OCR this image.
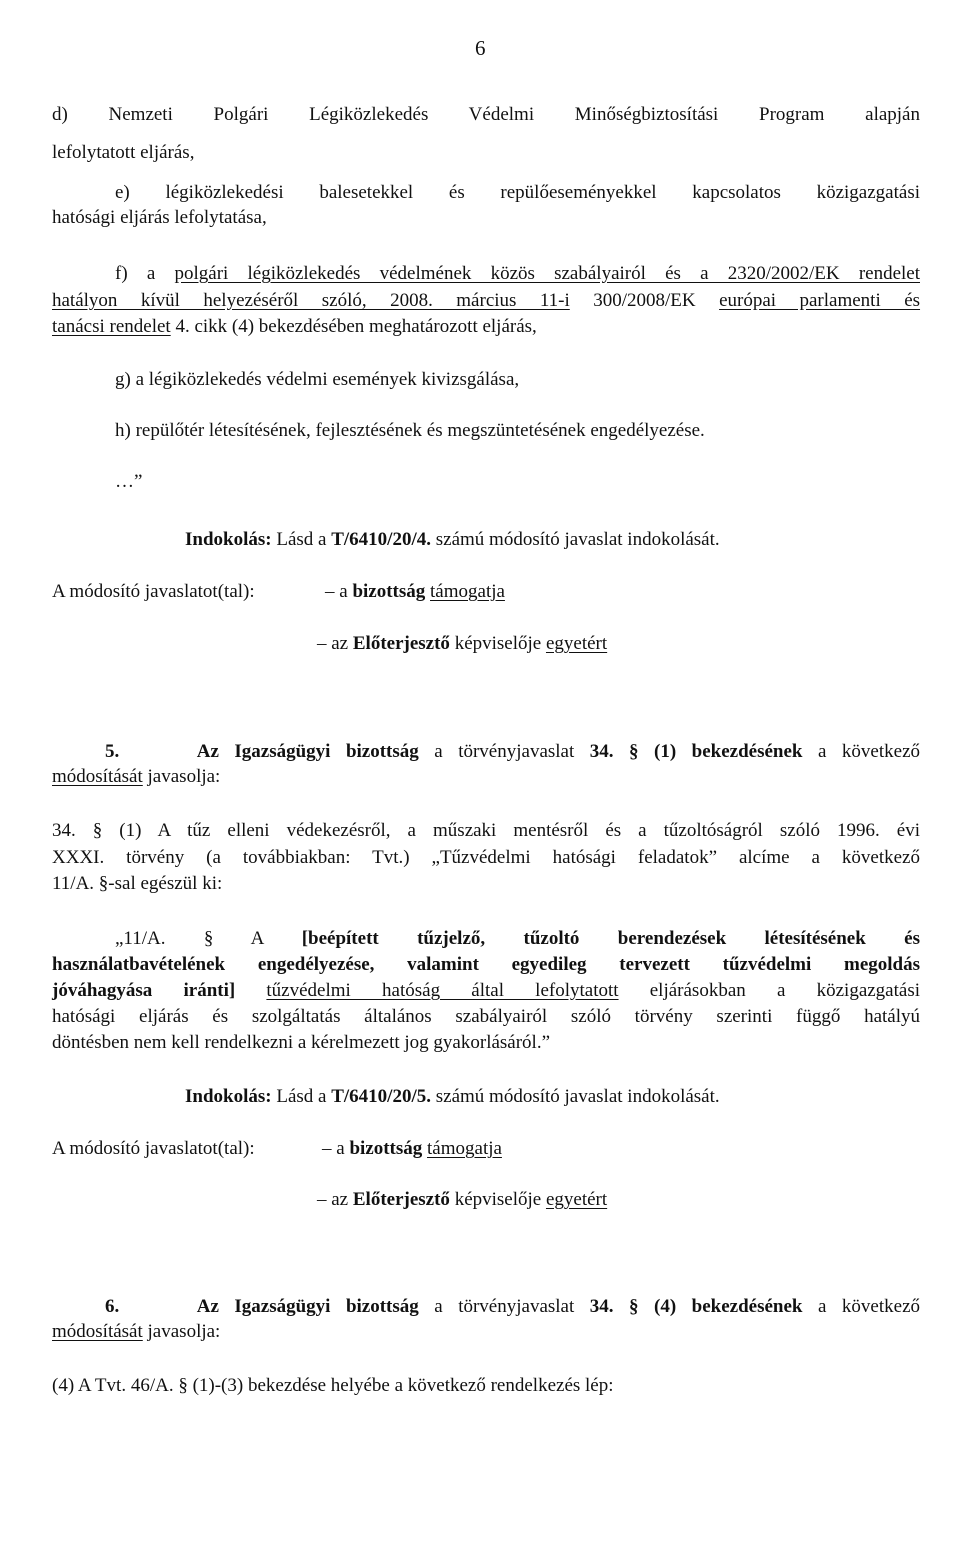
6
d) Nemzeti Polgári Légiközlekedés Védelmi Minőségbiztosítási Program alapján
lefolytatott eljárás,
e) légiközlekedési balesetekkel és repülőeseményekkel kapcsolatos közigazgatási
hatósági eljárás lefolytatása,
f) a polgári légiközlekedés védelmének közös szabályairól és a 2320/2002/EK rendelet
hatályon kívül helyezéséről szóló, 2008. március 11-i 300/2008/EK európai parlamenti és
tanácsi rendelet 4. cikk (4) bekezdésében meghatározott eljárás,
g) a légiközlekedés védelmi események kivizsgálása,
h) repülőtér létesítésének, fejlesztésének és megszüntetésének engedélyezése.
…”
Indokolás: Lásd a T/6410/20/4. számú módosító javaslat indokolását.
A módosító javaslatot(tal):	– a bizottság támogatja
– az Előterjesztő képviselője egyetért
5.	Az Igazságügyi bizottság a törvényjavaslat 34. § (1) bekezdésének a következő
módosítását javasolja:
34. § (1) A tűz elleni védekezésről, a műszaki mentésről és a tűzoltóságról szóló 1996. évi
XXXI. törvény (a továbbiakban: Tvt.) „Tűzvédelmi hatósági feladatok” alcíme a következő
11/A. §-sal egészül ki:
„11/A. § A [beépített tűzjelző, tűzoltó berendezések létesítésének és
használatbavételének engedélyezése, valamint egyedileg tervezett tűzvédelmi megoldás
jóváhagyása iránti] tűzvédelmi hatóság által lefolytatott eljárásokban a közigazgatási
hatósági eljárás és szolgáltatás általános szabályairól szóló törvény szerinti függő hatályú
döntésben nem kell rendelkezni a kérelmezett jog gyakorlásáról.”
Indokolás: Lásd a T/6410/20/5. számú módosító javaslat indokolását.
A módosító javaslatot(tal):	– a bizottság támogatja
– az Előterjesztő képviselője egyetért
6.	Az Igazságügyi bizottság a törvényjavaslat 34. § (4) bekezdésének a következő
módosítását javasolja:
(4) A Tvt. 46/A. § (1)-(3) bekezdése helyébe a következő rendelkezés lép:
